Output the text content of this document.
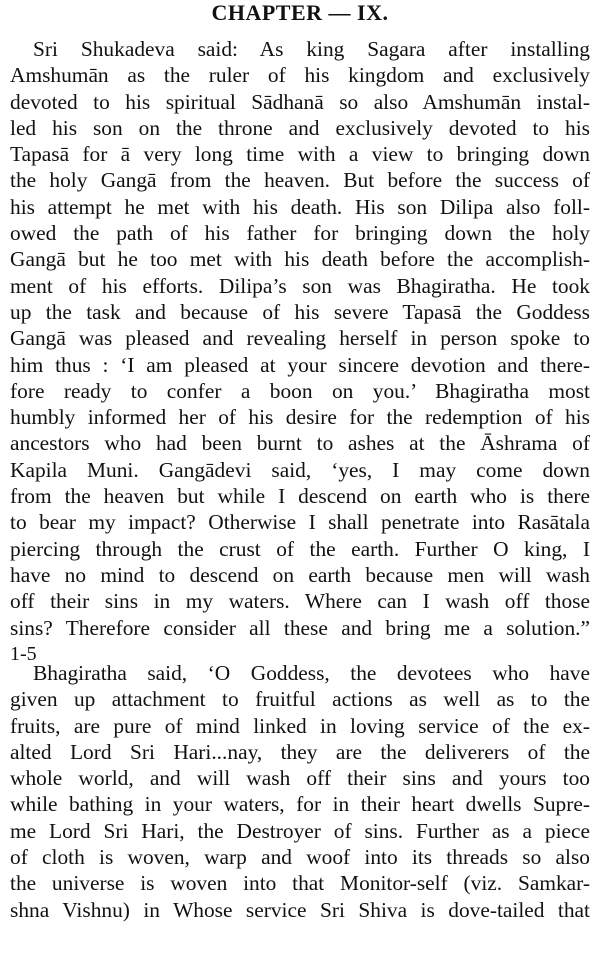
CHAPTER — IX.
Sri Shukadeva said: As king Sagara after installing
Amshumān as the ruler of his kingdom and exclusively
devoted to his spiritual Sādhanā so also Amshumān instal-
led his son on the throne and exclusively devoted to his
Tapasā for ā very long time with a view to bringing down
the holy Gangā from the heaven. But before the success of
his attempt he met with his death. His son Dilipa also foll-
owed the path of his father for bringing down the holy
Gangā but he too met with his death before the accomplish-
ment of his efforts. Dilipa’s son was Bhagiratha. He took
up the task and because of his severe Tapasā the Goddess
Gangā was pleased and revealing herself in person spoke to
him thus : ‘I am pleased at your sincere devotion and there-
fore ready to confer a boon on you.’ Bhagiratha most
humbly informed her of his desire for the redemption of his
ancestors who had been burnt to ashes at the Āshrama of
Kapila Muni. Gangādevi said, ‘yes, I may come down
from the heaven but while I descend on earth who is there
to bear my impact? Otherwise I shall penetrate into Rasātala
piercing through the crust of the earth. Further O king, I
have no mind to descend on earth because men will wash
off their sins in my waters. Where can I wash off those
sins? Therefore consider all these and bring me a solution.”
1-5
Bhagiratha said, ‘O Goddess, the devotees who have
given up attachment to fruitful actions as well as to the
fruits, are pure of mind linked in loving service of the ex-
alted Lord Sri Hari...nay, they are the deliverers of the
whole world, and will wash off their sins and yours too
while bathing in your waters, for in their heart dwells Supre-
me Lord Sri Hari, the Destroyer of sins. Further as a piece
of cloth is woven, warp and woof into its threads so also
the universe is woven into that Monitor-self (viz. Samkar-
shna Vishnu) in Whose service Sri Shiva is dove-tailed that
